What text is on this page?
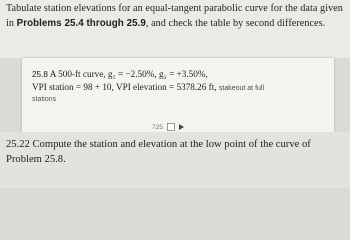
Tabulate station elevations for an equal-tangent parabolic curve for the data given in Problems 25.4 through 25.9, and check the table by second differences.

25.8 A 500-ft curve, g₁ = −2.50%, g₂ = +3.50%,
VPI station = 98 + 10, VPI elevation = 5378.26 ft, stakeout at full
stations
725

25.22 Compute the station and elevation at the low point of the curve of Problem 25.8.
